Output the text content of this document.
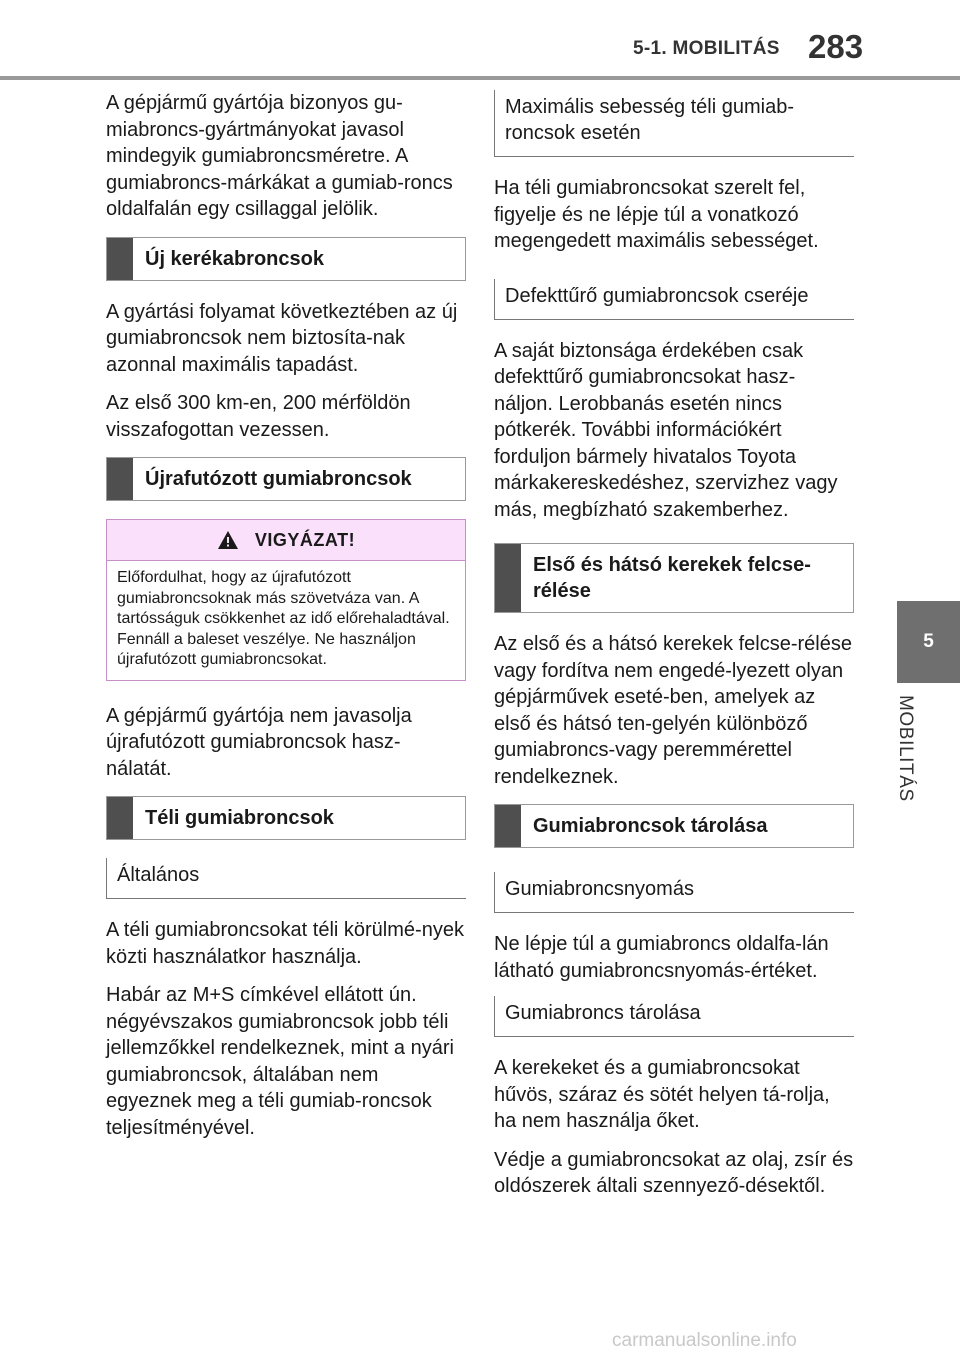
5-1. MOBILITÁS 283
5
MOBILITÁS

A gépjármű gyártója bizonyos gu-miabroncs-gyártmányokat javasol mindegyik gumiabroncsméretre. A gumiabroncs-márkákat a gumiab-roncs oldalfalán egy csillaggal jelölik.

Új kerékabroncsok

A gyártási folyamat következtében az új gumiabroncsok nem biztosíta-nak azonnal maximális tapadást.

Az első 300 km-en, 200 mérföldön visszafogottan vezessen.

Újrafutózott gumiabroncsok
VIGYÁZAT!
Előfordulhat, hogy az újrafutózott gumiabroncsoknak más szövetváza van. A tartósságuk csökkenhet az idő előrehaladtával. Fennáll a baleset veszélye. Ne használjon újrafutózott gumiabroncsokat.

A gépjármű gyártója nem javasolja újrafutózott gumiabroncsok hasz-nálatát.

Téli gumiabroncsok
Általános

A téli gumiabroncsokat téli körülmé-nyek közti használatkor használja.

Habár az M+S címkével ellátott ún. négyévszakos gumiabroncsok jobb téli jellemzőkkel rendelkeznek, mint a nyári gumiabroncsok, általában nem egyeznek meg a téli gumiab-roncsok teljesítményével.

Maximális sebesség téli gumiab-roncsok esetén

Ha téli gumiabroncsokat szerelt fel, figyelje és ne lépje túl a vonatkozó megengedett maximális sebességet.

Defekttűrő gumiabroncsok cseréje

A saját biztonsága érdekében csak defekttűrő gumiabroncsokat hasz-náljon. Lerobbanás esetén nincs pótkerék. További információkért forduljon bármely hivatalos Toyota márkakereskedéshez, szervizhez vagy más, megbízható szakemberhez.

Első és hátsó kerekek felcse-rélése

Az első és a hátsó kerekek felcse-rélése vagy fordítva nem engedé-lyezett olyan gépjárművek eseté-ben, amelyek az első és hátsó ten-gelyén különböző gumiabroncs-vagy peremmérettel rendelkeznek.

Gumiabroncsok tárolása
Gumiabroncsnyomás

Ne lépje túl a gumiabroncs oldalfa-lán látható gumiabroncsnyomás-értéket.

Gumiabroncs tárolása

A kerekeket és a gumiabroncsokat hűvös, száraz és sötét helyen tá-rolja, ha nem használja őket.

Védje a gumiabroncsokat az olaj, zsír és oldószerek általi szennyező-désektől.

carmanualsonline.info
